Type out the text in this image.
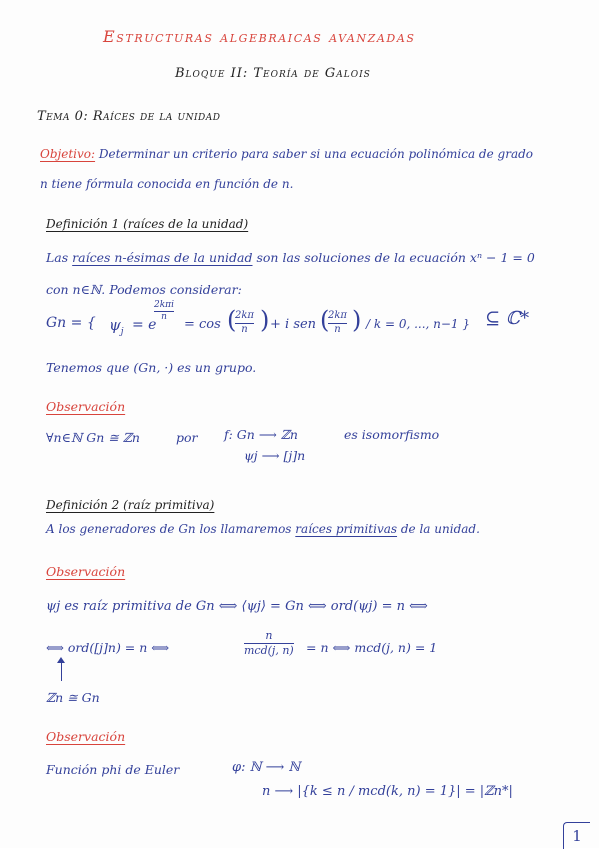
Estructuras algebraicas avanzadas
Bloque II: Teoría de Galois
Tema 0: Raíces de la unidad
Objetivo: Determinar un criterio para saber si una ecuación polinómica de grado
n tiene fórmula conocida en función de n.
Definición 1 (raíces de la unidad)
Las raíces n-ésimas de la unidad son las soluciones de la ecuación xⁿ − 1 = 0
con n∈ℕ. Podemos considerar:
Gn = { $\psi_j = e$
2kπi
n = cos (
2kπ
n ) + i sen (
2kπ
n ) / k = 0, ..., n−1 } ⊆ ℂ*
Tenemos que (Gn, ·) es un grupo.
Observación
∀n∈ℕ Gn ≅ ℤn	por f: Gn ⟶ ℤn	es isomorfismo
ψj ⟶ [j]n
Definición 2 (raíz primitiva)
A los generadores de Gn los llamaremos raíces primitivas de la unidad.
Observación
ψj es raíz primitiva de Gn ⟺ ⟨ψj⟩ = Gn ⟺ ord(ψj) = n ⟺
⟺ ord([j]n) = n ⟺
n
mcd(j, n) = n ⟺ mcd(j, n) = 1
ℤn ≅ Gn
Observación
Función phi de Euler	φ: ℕ ⟶ ℕ
n ⟶ |{k ≤ n / mcd(k, n) = 1}| = |ℤn*|
1
